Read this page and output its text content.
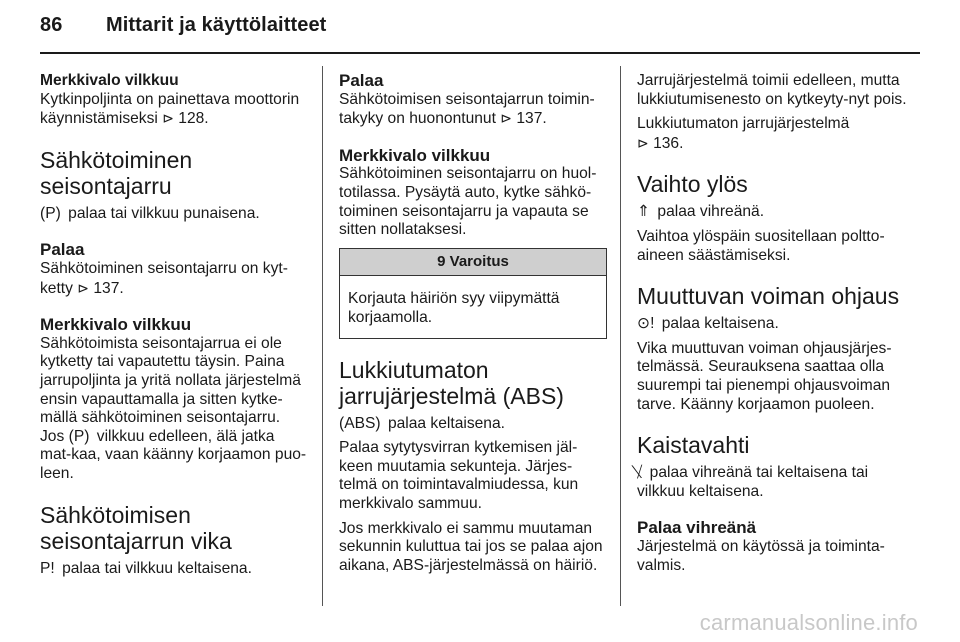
86 Mittarit ja käyttölaitteet

Merkkivalo vilkkuu

Kytkinpoljinta on painettava moottorin käynnistämiseksi ⊳ 128.

Sähkötoiminen
seisontajarru

(P) palaa tai vilkkuu punaisena.

Palaa

Sähkötoiminen seisontajarru on kyt-ketty ⊳ 137.

Merkkivalo vilkkuu

Sähkötoimista seisontajarrua ei ole kytketty tai vapautettu täysin. Paina jarrupoljinta ja yritä nollata järjestelmä ensin vapauttamalla ja sitten kytke-mällä sähkötoiminen seisontajarru. Jos (P) vilkkuu edelleen, älä jatka mat-kaa, vaan käänny korjaamon puo-leen.

Sähkötoimisen
seisontajarrun vika

P! palaa tai vilkkuu keltaisena.

Palaa

Sähkötoimisen seisontajarrun toimin-takyky on huonontunut ⊳ 137.

Merkkivalo vilkkuu

Sähkötoiminen seisontajarru on huol-totilassa. Pysäytä auto, kytke sähkö-toiminen seisontajarru ja vapauta se sitten nollataksesi.

9 Varoitus
Korjauta häiriön syy viipymättä korjaamolla.
Lukkiutumaton
jarrujärjestelmä (ABS)

(ABS) palaa keltaisena.

Palaa sytytysvirran kytkemisen jäl-keen muutamia sekunteja. Järjes-telmä on toimintavalmiudessa, kun merkkivalo sammuu.

Jos merkkivalo ei sammu muutaman sekunnin kuluttua tai jos se palaa ajon aikana, ABS-järjestelmässä on häiriö.

Jarrujärjestelmä toimii edelleen, mutta lukkiutumisenesto on kytkeyty-nyt pois.

Lukkiutumaton jarrujärjestelmä
⊳ 136.

Vaihto ylös

⇑ palaa vihreänä.

Vaihtoa ylöspäin suositellaan poltto-aineen säästämiseksi.

Muuttuvan voiman ohjaus

⊙! palaa keltaisena.

Vika muuttuvan voiman ohjausjärjes-telmässä. Seurauksena saattaa olla suurempi tai pienempi ohjausvoiman tarve. Käänny korjaamon puoleen.

Kaistavahti

⧸⃥ palaa vihreänä tai keltaisena tai vilkkuu keltaisena.

Palaa vihreänä

Järjestelmä on käytössä ja toiminta-valmis.

carmanualsonline.info
